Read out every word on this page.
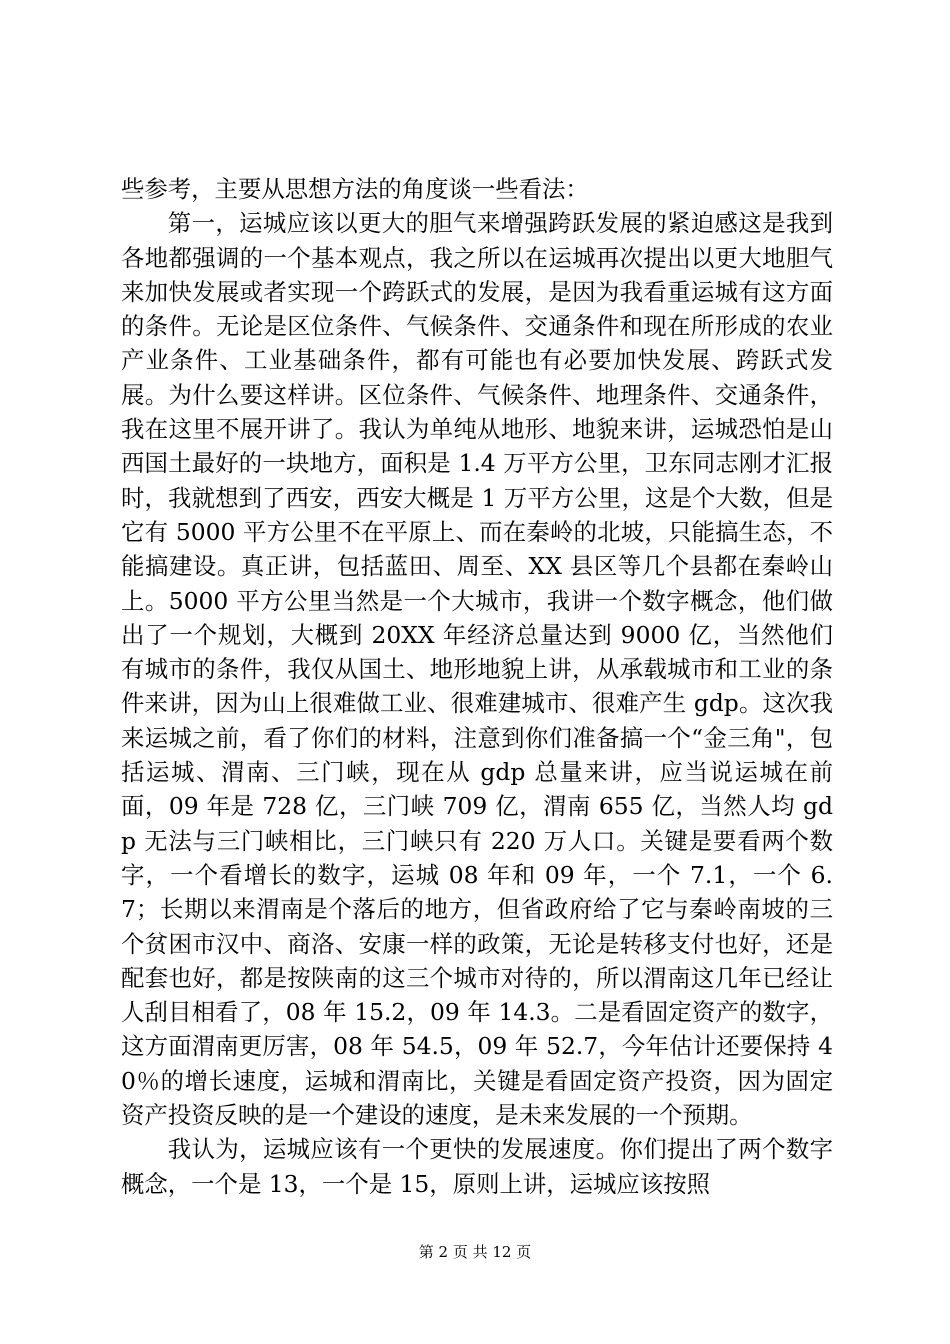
些参考，主要从思想方法的角度谈一些看法：

第一，运城应该以更大的胆气来增强跨跃发展的紧迫感这是我到各地都强调的一个基本观点，我之所以在运城再次提出以更大地胆气来加快发展或者实现一个跨跃式的发展，是因为我看重运城有这方面的条件。无论是区位条件、气候条件、交通条件和现在所形成的农业产业条件、工业基础条件，都有可能也有必要加快发展、跨跃式发展。为什么要这样讲。区位条件、气候条件、地理条件、交通条件，我在这里不展开讲了。我认为单纯从地形、地貌来讲，运城恐怕是山西国土最好的一块地方，面积是 1.4 万平方公里，卫东同志刚才汇报时，我就想到了西安，西安大概是 1 万平方公里，这是个大数，但是它有 5000 平方公里不在平原上、而在秦岭的北坡，只能搞生态，不能搞建设。真正讲，包括蓝田、周至、XX 县区等几个县都在秦岭山上。5000 平方公里当然是一个大城市，我讲一个数字概念，他们做出了一个规划，大概到 20XX 年经济总量达到 9000 亿，当然他们有城市的条件，我仅从国土、地形地貌上讲，从承载城市和工业的条件来讲，因为山上很难做工业、很难建城市、很难产生 gdp。这次我来运城之前，看了你们的材料，注意到你们准备搞一个“金三角"，包括运城、渭南、三门峡，现在从 gdp 总量来讲，应当说运城在前面，09 年是 728 亿，三门峡 709 亿，渭南 655 亿，当然人均 gdp 无法与三门峡相比，三门峡只有 220 万人口。关键是要看两个数字，一个看增长的数字，运城 08 年和 09 年，一个 7.1，一个 6.7；长期以来渭南是个落后的地方，但省政府给了它与秦岭南坡的三个贫困市汉中、商洛、安康一样的政策，无论是转移支付也好，还是配套也好，都是按陕南的这三个城市对待的，所以渭南这几年已经让人刮目相看了，08 年 15.2，09 年 14.3。二是看固定资产的数字，这方面渭南更厉害，08 年 54.5，09 年 52.7，今年估计还要保持 40％的增长速度，运城和渭南比，关键是看固定资产投资，因为固定资产投资反映的是一个建设的速度，是未来发展的一个预期。

我认为，运城应该有一个更快的发展速度。你们提出了两个数字概念，一个是 13，一个是 15，原则上讲，运城应该按照

第 2 页 共 12 页
